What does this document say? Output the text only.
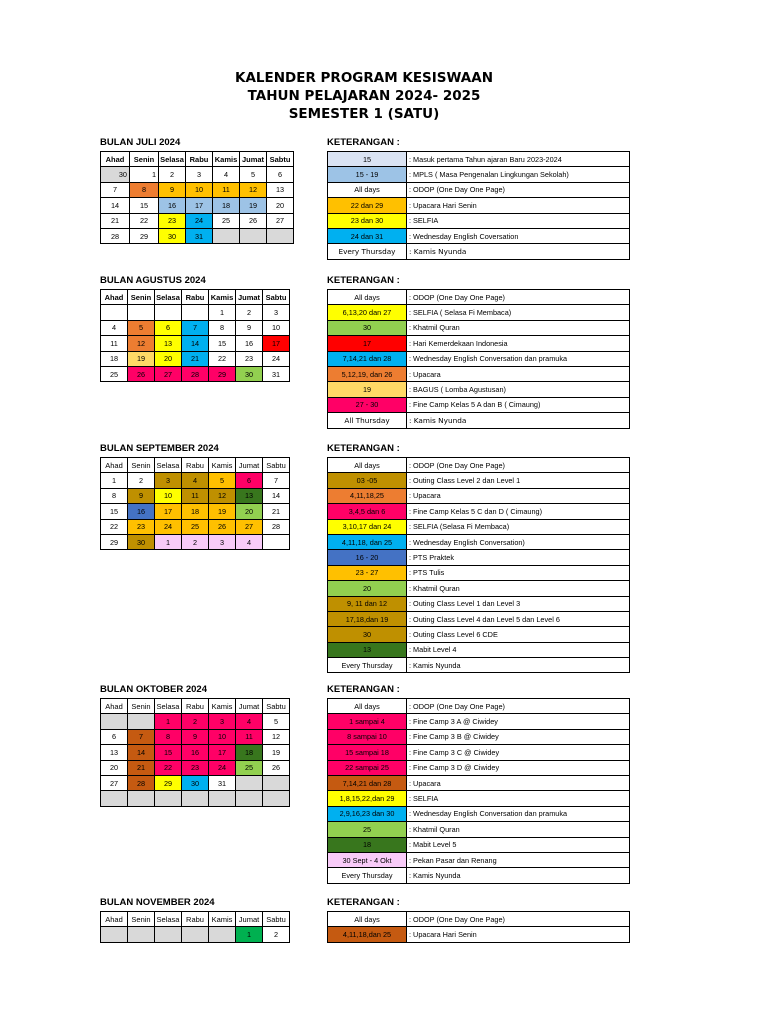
KALENDER PROGRAM KESISWAAN
TAHUN PELAJARAN 2024- 2025
SEMESTER 1 (SATU)
BULAN JULI 2024	KETERANGAN :
Ahad	Senin	Selasa	Rabu	Kamis	Jumat	Sabtu
30	1	2	3	4	5	6
7	8	9	10	11	12	13
14	15	16	17	18	19	20
21	22	23	24	25	26	27
28	29	30	31			
15	: Masuk pertama Tahun ajaran Baru 2023-2024
15 - 19	: MPLS ( Masa Pengenalan Lingkungan Sekolah)
All days	: ODOP (One Day One Page)
22 dan 29	: Upacara Hari Senin
23 dan 30	: SELFIA
24 dan 31	: Wednesday English Coversation
Every Thursday	: Kamis Nyunda
BULAN AGUSTUS 2024	KETERANGAN :
Ahad	Senin	Selasa	Rabu	Kamis	Jumat	Sabtu
				1	2	3
4	5	6	7	8	9	10
11	12	13	14	15	16	17
18	19	20	21	22	23	24
25	26	27	28	29	30	31
All days	: ODOP (One Day One Page)
6,13,20 dan 27	: SELFIA ( Selasa Fi Membaca)
30	: Khatmil Quran
17	: Hari Kemerdekaan Indonesia
7,14,21 dan 28	: Wednesday English Conversation dan pramuka
5,12,19, dan 26	: Upacara
19	: BAGUS ( Lomba Agustusan)
27 - 30	: Fine Camp Kelas 5 A dan B ( Cimaung)
All Thursday	: Kamis Nyunda
BULAN SEPTEMBER 2024	KETERANGAN :
Ahad	Senin	Selasa	Rabu	Kamis	Jumat	Sabtu
1	2	3	4	5	6	7
8	9	10	11	12	13	14
15	16	17	18	19	20	21
22	23	24	25	26	27	28
29	30	1	2	3	4	
All days	: ODOP (One Day One Page)
03 -05	: Outing Class Level 2 dan Level 1
4,11,18,25	: Upacara
3,4,5 dan 6	: Fine Camp Kelas 5 C dan D ( Cimaung)
3,10,17 dan 24	: SELFIA (Selasa Fi Membaca)
4,11,18, dan 25	: Wednesday English Conversation)
16 - 20	: PTS Praktek
23 - 27	: PTS Tulis
20	: Khatmil Quran
9, 11 dan 12	: Outing Class Level 1 dan Level 3
17,18,dan 19	: Outing Class Level 4 dan Level 5 dan Level 6
30	: Outing Class Level 6 CDE
13	: Mabit Level 4
Every Thursday	: Kamis Nyunda
BULAN OKTOBER 2024	KETERANGAN :
Ahad	Senin	Selasa	Rabu	Kamis	Jumat	Sabtu
		1	2	3	4	5
6	7	8	9	10	11	12
13	14	15	16	17	18	19
20	21	22	23	24	25	26
27	28	29	30	31		

All days	: ODOP (One Day One Page)
1 sampai 4	: Fine Camp 3 A @ Ciwidey
8 sampai 10	: Fine Camp 3 B @ Ciwidey
15 sampai 18	: Fine Camp 3 C @ Ciwidey
22 sampai 25	: Fine Camp 3 D @ Ciwidey
7,14,21 dan 28	: Upacara
1,8,15,22,dan 29	: SELFIA
2,9,16,23 dan 30	: Wednesday English Conversation dan pramuka
25	: Khatmil Quran
18	: Mabit Level 5
30 Sept - 4 Okt	: Pekan Pasar dan Renang
Every Thursday	: Kamis Nyunda
BULAN NOVEMBER 2024	KETERANGAN :
Ahad	Senin	Selasa	Rabu	Kamis	Jumat	Sabtu
					1	2
All days	: ODOP (One Day One Page)
4,11,18,dan 25	: Upacara Hari Senin
